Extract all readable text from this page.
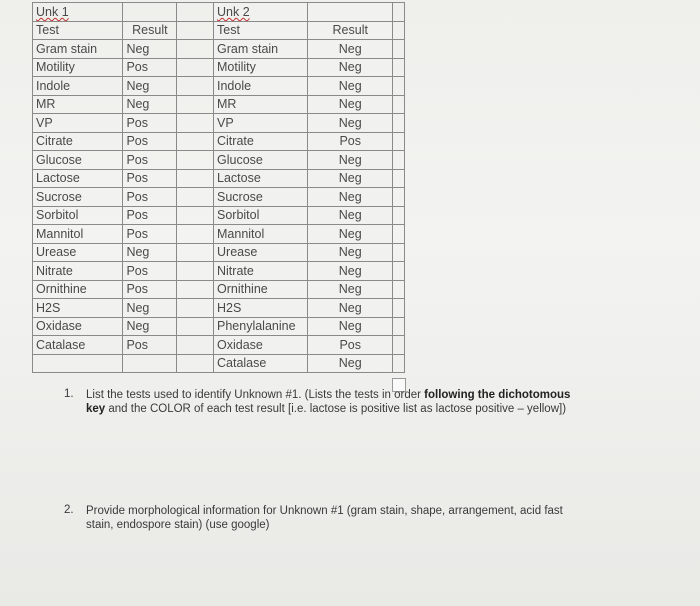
Unk 1			
Test	Result		
Gram stain	Neg		
Motility	Pos		
Indole	Neg		
MR	Neg		
VP	Pos		
Citrate	Pos		
Glucose	Pos		
Lactose	Pos		
Sucrose	Pos		
Sorbitol	Pos		
Mannitol	Pos		
Urease	Neg		
Nitrate	Pos		
Ornithine	Pos		
H2S	Neg		
Oxidase	Neg		
Catalase	Pos		

Unk 2	
Test	Result
Gram stain	Neg
Motility	Neg
Indole	Neg
MR	Neg
VP	Neg
Citrate	Pos
Glucose	Neg
Lactose	Neg
Sucrose	Neg
Sorbitol	Neg
Mannitol	Neg
Urease	Neg
Nitrate	Neg
Ornithine	Neg
H2S	Neg
Phenylalanine	Neg
Oxidase	Pos
Catalase	Neg
1. List the tests used to identify Unknown #1. (Lists the tests in order following the dichotomous
key and the COLOR of each test result [i.e. lactose is positive list as lactose positive – yellow])
2. Provide morphological information for Unknown #1 (gram stain, shape, arrangement, acid fast
stain, endospore stain) (use google)
